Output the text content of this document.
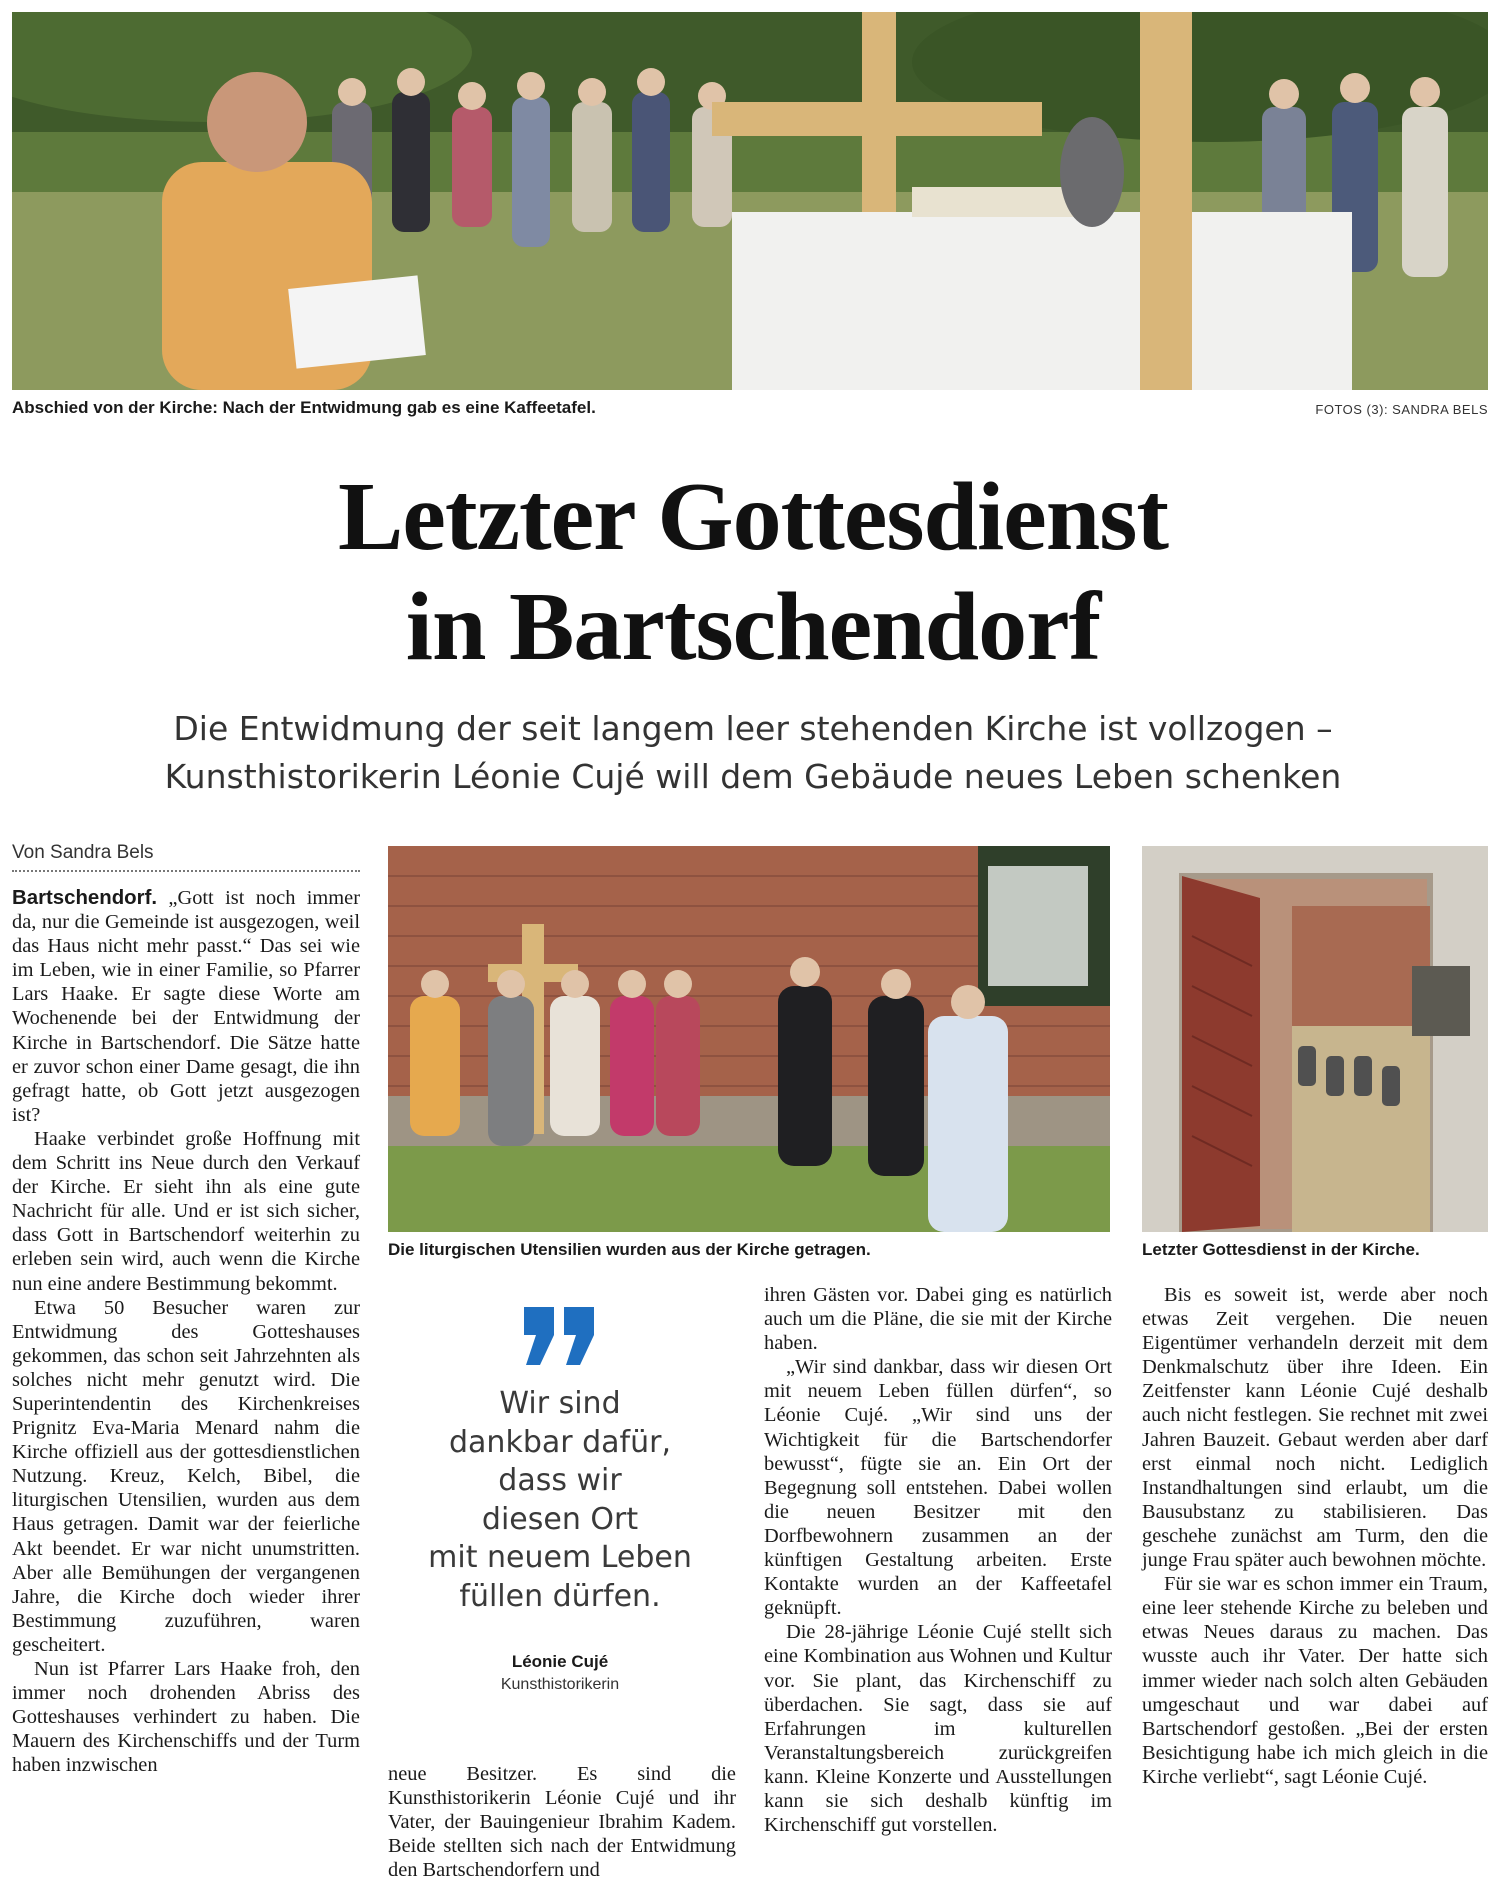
Abschied von der Kirche: Nach der Entwidmung gab es eine Kaffeetafel.	FOTOS (3): SANDRA BELS
Letzter Gottesdienst
in Bartschendorf
Die Entwidmung der seit langem leer stehenden Kirche ist vollzogen –
Kunsthistorikerin Léonie Cujé will dem Gebäude neues Leben schenken
Von Sandra Bels
Die liturgischen Utensilien wurden aus der Kirche getragen.	Letzter Gottesdienst in der Kirche.

Bartschendorf. „Gott ist noch immer da, nur die Gemeinde ist ausgezogen, weil das Haus nicht mehr passt.“ Das sei wie im Leben, wie in einer Familie, so Pfarrer Lars Haake. Er sagte diese Worte am Wochenende bei der Entwidmung der Kirche in Bartschendorf. Die Sätze hatte er zuvor schon einer Dame gesagt, die ihn gefragt hatte, ob Gott jetzt ausgezogen ist?

Haake verbindet große Hoffnung mit dem Schritt ins Neue durch den Verkauf der Kirche. Er sieht ihn als eine gute Nachricht für alle. Und er ist sich sicher, dass Gott in Bartschendorf weiterhin zu erleben sein wird, auch wenn die Kirche nun eine andere Bestimmung bekommt.

Etwa 50 Besucher waren zur Entwidmung des Gotteshauses gekommen, das schon seit Jahrzehnten als solches nicht mehr genutzt wird. Die Superintendentin des Kirchenkreises Prignitz Eva-Maria Menard nahm die Kirche offiziell aus der gottesdienstlichen Nutzung. Kreuz, Kelch, Bibel, die liturgischen Utensilien, wurden aus dem Haus getragen. Damit war der feierliche Akt beendet. Er war nicht unumstritten. Aber alle Bemühungen der vergangenen Jahre, die Kirche doch wieder ihrer Bestimmung zuzuführen, waren gescheitert.

Nun ist Pfarrer Lars Haake froh, den immer noch drohenden Abriss des Gotteshauses verhindert zu haben. Die Mauern des Kirchenschiffs und der Turm haben inzwischen

Wir sind
dankbar dafür,
dass wir
diesen Ort
mit neuem Leben
füllen dürfen.
Léonie Cujé
Kunsthistorikerin

neue Besitzer. Es sind die Kunsthistorikerin Léonie Cujé und ihr Vater, der Bauingenieur Ibrahim Kadem. Beide stellten sich nach der Entwidmung den Bartschendorfern und

ihren Gästen vor. Dabei ging es natürlich auch um die Pläne, die sie mit der Kirche haben.

„Wir sind dankbar, dass wir diesen Ort mit neuem Leben füllen dürfen“, so Léonie Cujé. „Wir sind uns der Wichtigkeit für die Bartschendorfer bewusst“, fügte sie an. Ein Ort der Begegnung soll entstehen. Dabei wollen die neuen Besitzer mit den Dorfbewohnern zusammen an der künftigen Gestaltung arbeiten. Erste Kontakte wurden an der Kaffeetafel geknüpft.

Die 28-jährige Léonie Cujé stellt sich eine Kombination aus Wohnen und Kultur vor. Sie plant, das Kirchenschiff zu überdachen. Sie sagt, dass sie auf Erfahrungen im kulturellen Veranstaltungsbereich zurückgreifen kann. Kleine Konzerte und Ausstellungen kann sie sich deshalb künftig im Kirchenschiff gut vorstellen.

Bis es soweit ist, werde aber noch etwas Zeit vergehen. Die neuen Eigentümer verhandeln derzeit mit dem Denkmalschutz über ihre Ideen. Ein Zeitfenster kann Léonie Cujé deshalb auch nicht festlegen. Sie rechnet mit zwei Jahren Bauzeit. Gebaut werden aber darf erst einmal noch nicht. Lediglich Instandhaltungen sind erlaubt, um die Bausubstanz zu stabilisieren. Das geschehe zunächst am Turm, den die junge Frau später auch bewohnen möchte.

Für sie war es schon immer ein Traum, eine leer stehende Kirche zu beleben und etwas Neues daraus zu machen. Das wusste auch ihr Vater. Der hatte sich immer wieder nach solch alten Gebäuden umgeschaut und war dabei auf Bartschendorf gestoßen. „Bei der ersten Besichtigung habe ich mich gleich in die Kirche verliebt“, sagt Léonie Cujé.
